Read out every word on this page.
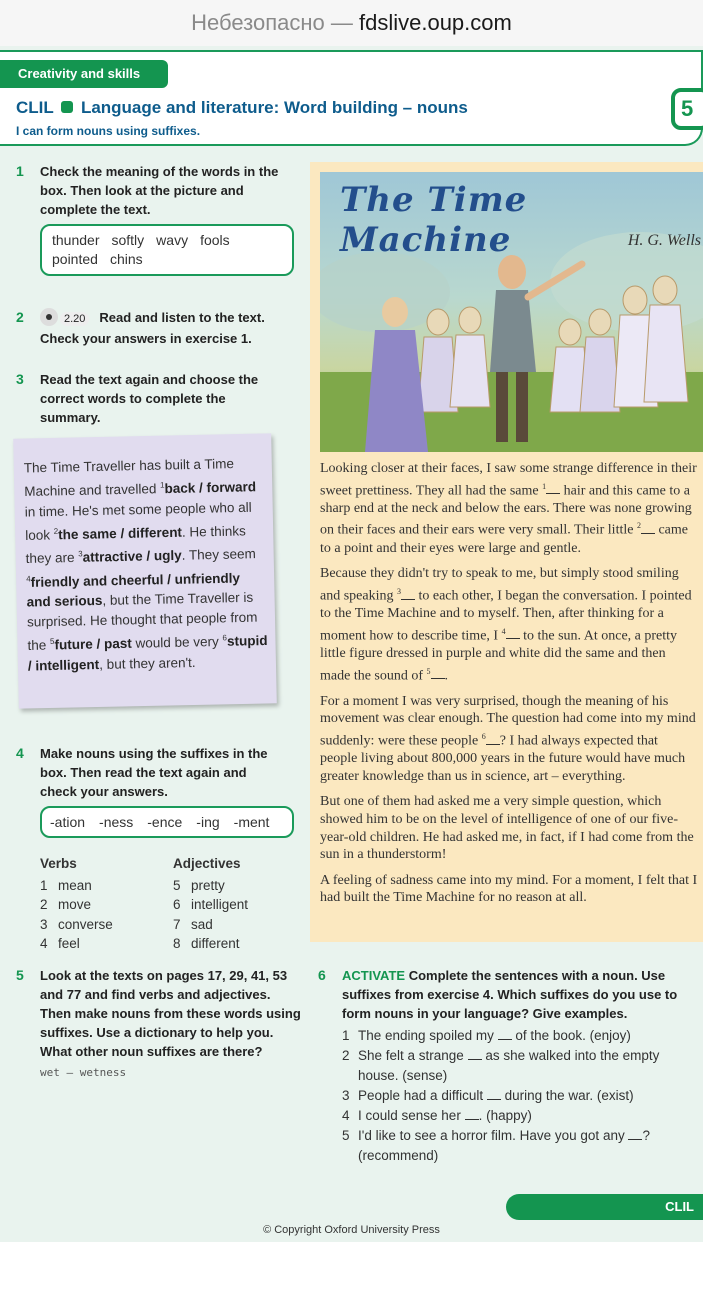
Небезопасно — fdslive.oup.com
Creativity and skills
CLIL Language and literature: Word building – nouns
I can form nouns using suffixes.
5
1 Check the meaning of the words in the box. Then look at the picture and complete the text.
thunder softly wavy fools
pointed chins
2	2.20 Read and listen to the text. Check your answers in exercise 1.
3 Read the text again and choose the correct words to complete the summary.
The Time Traveller has built a Time Machine and travelled $^1$back / forward in time. He's met some people who all look $^2$the same / different. He thinks they are $^3$attractive / ugly. They seem $^4$friendly and cheerful / unfriendly and serious, but the Time Traveller is surprised. He thought that people from the $^5$future / past would be very $^6$stupid / intelligent, but they aren't.
The Time Machine	H. G. Wells

Looking closer at their faces, I saw some strange difference in their sweet prettiness. They all had the same $^1$ hair and this came to a sharp end at the neck and below the ears. There was none growing on their faces and their ears were very small. Their little $^2$ came to a point and their eyes were large and gentle.

Because they didn't try to speak to me, but simply stood smiling and speaking $^3$ to each other, I began the conversation. I pointed to the Time Machine and to myself. Then, after thinking for a moment how to describe time, I $^4$ to the sun. At once, a pretty little figure dressed in purple and white did the same and then made the sound of $^5$ .

For a moment I was very surprised, though the meaning of his movement was clear enough. The question had come into my mind suddenly: were these people $^6$ ? I had always expected that people living about 800,000 years in the future would have much greater knowledge than us in science, art – everything.

But one of them had asked me a very simple question, which showed him to be on the level of intelligence of one of our five-year-old children. He had asked me, in fact, if I had come from the sun in a thunderstorm!

A feeling of sadness came into my mind. For a moment, I felt that I had built the Time Machine for no reason at all.

4 Make nouns using the suffixes in the box. Then read the text again and check your answers.
-ation -ness -ence -ing -ment
Verbs
1 mean
2 move
3 converse
4 feel
Adjectives
5 pretty
6 intelligent
7 sad
8 different
5 Look at the texts on pages 17, 29, 41, 53 and 77 and find verbs and adjectives. Then make nouns from these words using suffixes. Use a dictionary to help you. What other noun suffixes are there?
wet – wetness
6 ACTIVATE Complete the sentences with a noun. Use suffixes from exercise 4. Which suffixes do you use to form nouns in your language? Give examples.
1 The ending spoiled my  of the book. (enjoy)
2 She felt a strange  as she walked into the empty house. (sense)
3 People had a difficult  during the war. (exist)
4 I could sense her . (happy)
5 I'd like to see a horror film. Have you got any ? (recommend)
CLIL
© Copyright Oxford University Press
